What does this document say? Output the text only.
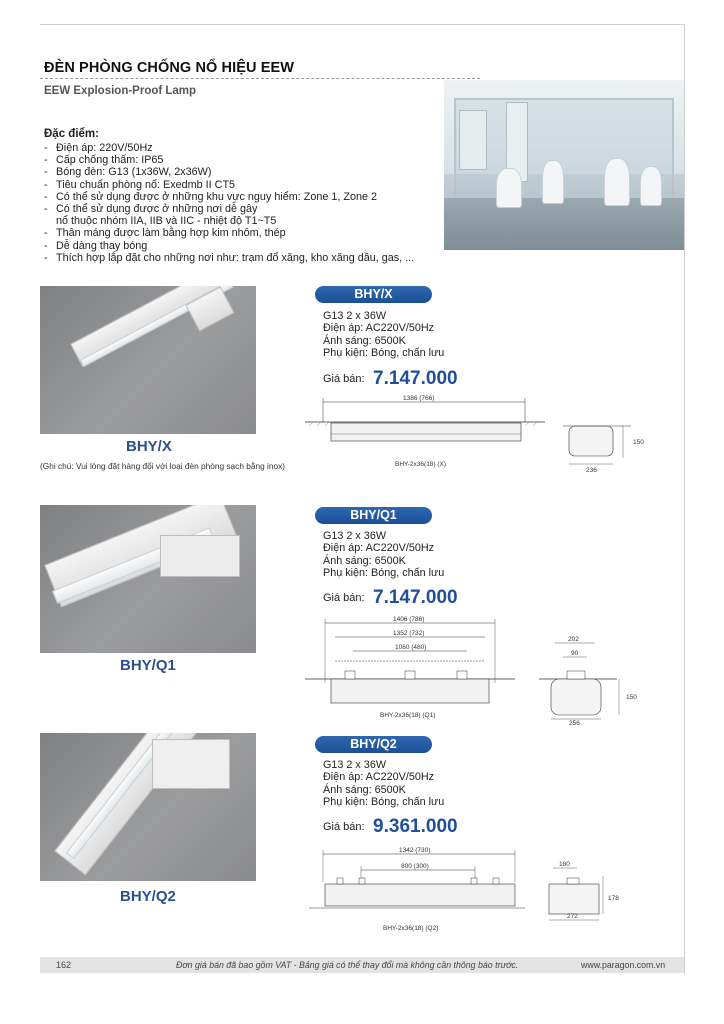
ĐÈN PHÒNG CHỐNG NỔ HIỆU EEW
EEW Explosion-Proof Lamp
Đặc điểm:
- Điện áp: 220V/50Hz
- Cấp chống thấm: IP65
- Bóng đèn: G13 (1x36W, 2x36W)
- Tiêu chuẩn phòng nổ: Exedmb II CT5
- Có thể sử dụng được ở những khu vực nguy hiểm: Zone 1, Zone 2
- Có thể sử dụng được ở những nơi dễ gây
nổ thuộc nhóm IIA, IIB và IIC - nhiệt độ T1~T5
- Thân máng được làm bằng hợp kim nhôm, thép
- Dễ dàng thay bóng
- Thích hợp lắp đặt cho những nơi như: trạm đổ xăng, kho xăng dầu, gas, ...
BHY/X
(Ghi chú: Vui lòng đặt hàng đổi với loại đèn phòng sạch bằng inox)
BHY/X
G13 2 x 36W
Điện áp: AC220V/50Hz
Ánh sáng: 6500K
Phụ kiện: Bóng, chấn lưu
Giá bán: 7.147.000
1386 (766)
BHY-2x36(18) (X)
150
236
BHY/Q1
BHY/Q1
G13 2 x 36W
Điện áp: AC220V/50Hz
Ánh sáng: 6500K
Phụ kiện: Bóng, chấn lưu
Giá bán: 7.147.000
1406 (786)
1352 (732)
1060 (480)
BHY-2x36(18) (Q1)
202
90
150
256
BHY/Q2
BHY/Q2
G13 2 x 36W
Điện áp: AC220V/50Hz
Ánh sáng: 6500K
Phụ kiện: Bóng, chấn lưu
Giá bán: 9.361.000
1342 (730)
800 (300)
BHY-2x36(18) (Q2)
180
178
272
162	Đơn giá bán đã bao gồm VAT - Bảng giá có thể thay đổi mà không cần thông báo trước.	www.paragon.com.vn
